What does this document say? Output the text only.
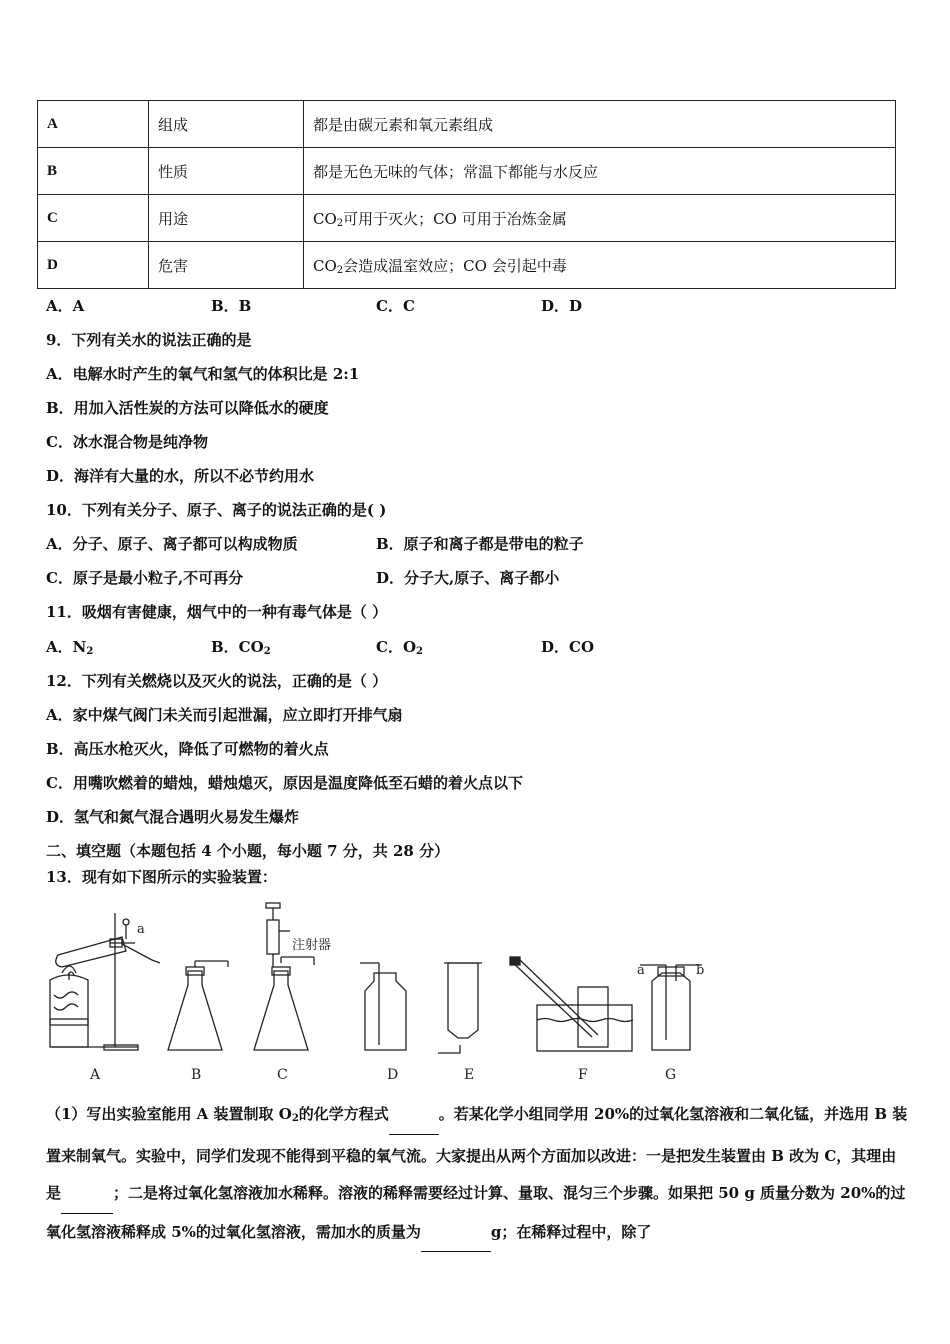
A	组成	都是由碳元素和氧元素组成
B	性质	都是无色无味的气体；常温下都能与水反应
C	用途	$CO_2$可用于灭火；CO 可用于冶炼金属
D	危害	$CO_2$会造成温室效应；CO 会引起中毒
A．A	B．B	C．C	D．D
9．下列有关水的说法正确的是
A．电解水时产生的氧气和氢气的体积比是 2:1
B．用加入活性炭的方法可以降低水的硬度
C．冰水混合物是纯净物
D．海洋有大量的水，所以不必节约用水
10．下列有关分子、原子、离子的说法正确的是( )
A．分子、原子、离子都可以构成物质	B．原子和离子都是带电的粒子
C．原子是最小粒子,不可再分	D．分子大,原子、离子都小
11．吸烟有害健康，烟气中的一种有毒气体是（ ）
A．$N_2$	B．$CO_2$	C．$O_2$	D．CO
12．下列有关燃烧以及灭火的说法，正确的是（ ）
A．家中煤气阀门未关而引起泄漏，应立即打开排气扇
B．高压水枪灭火，降低了可燃物的着火点
C．用嘴吹燃着的蜡烛，蜡烛熄灭，原因是温度降低至石蜡的着火点以下
D．氢气和氮气混合遇明火易发生爆炸
二、填空题（本题包括 4 个小题，每小题 7 分，共 28 分）
13．现有如下图所示的实验装置：
a
注射器
a	b
A	B	C	D	E	F	G
（1）写出实验室能用 A 装置制取 $O_2$的化学方程式	。若某化学小组同学用 20%的过氧化氢溶液和二氧化锰，并选用 B 装置来制氧气。实验中，同学们发现不能得到平稳的氧气流。大家提出从两个方面加以改进：一是把发生装置由 B 改为 C，其理由是	；二是将过氧化氢溶液加水稀释。溶液的稀释需要经过计算、量取、混匀三个步骤。如果把 50 g 质量分数为 20%的过氧化氢溶液稀释成 5%的过氧化氢溶液，需加水的质量为	g；在稀释过程中，除了
